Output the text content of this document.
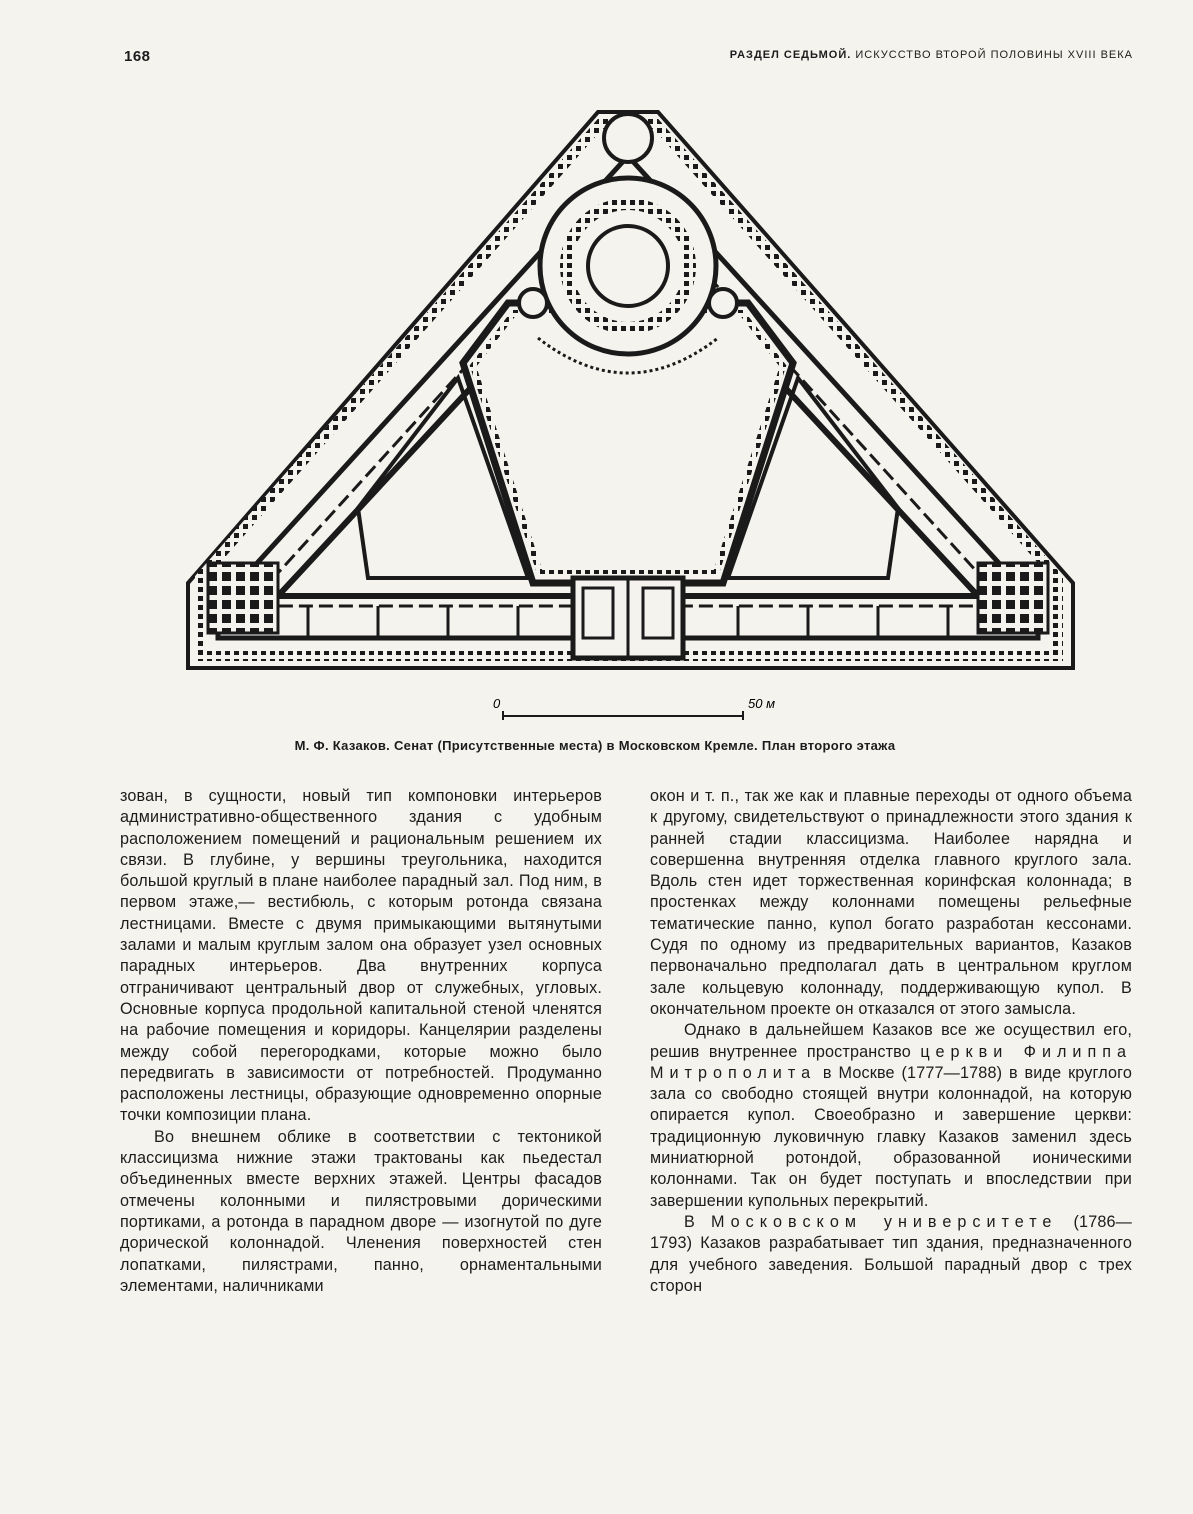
168	РАЗДЕЛ СЕДЬМОЙ. ИСКУССТВО ВТОРОЙ ПОЛОВИНЫ XVIII ВЕКА
0	50 м
М. Ф. Казаков. Сенат (Присутственные места) в Московском Кремле. План второго этажа

зован, в сущности, новый тип компоновки интерьеров административно-общественного здания с удобным расположением помещений и рациональным решением их связи. В глубине, у вершины треугольника, находится большой круглый в плане наиболее парадный зал. Под ним, в первом этаже,— вестибюль, с которым ротонда связана лестницами. Вместе с двумя примыкающими вытянутыми залами и малым круглым залом она образует узел основных парадных интерьеров. Два внутренних корпуса отграничивают центральный двор от служебных, угловых. Основные корпуса продольной капитальной стеной членятся на рабочие помещения и коридоры. Канцелярии разделены между собой перегородками, которые можно было передвигать в зависимости от потребностей. Продуманно расположены лестницы, образующие одновременно опорные точки композиции плана.

Во внешнем облике в соответствии с тектоникой классицизма нижние этажи трактованы как пьедестал объединенных вместе верхних этажей. Центры фасадов отмечены колонными и пилястровыми дорическими портиками, а ротонда в парадном дворе — изогнутой по дуге дорической колоннадой. Членения поверхностей стен лопатками, пилястрами, панно, орнаментальными элементами, наличниками

окон и т. п., так же как и плавные переходы от одного объема к другому, свидетельствуют о принадлежности этого здания к ранней стадии классицизма. Наиболее нарядна и совершенна внутренняя отделка главного круглого зала. Вдоль стен идет торжественная коринфская колоннада; в простенках между колоннами помещены рельефные тематические панно, купол богато разработан кессонами. Судя по одному из предварительных вариантов, Казаков первоначально предполагал дать в центральном круглом зале кольцевую колоннаду, поддерживающую купол. В окончательном проекте он отказался от этого замысла.

Однако в дальнейшем Казаков все же осуществил его, решив внутреннее пространство церкви Филиппа Митрополита в Москве (1777—1788) в виде круглого зала со свободно стоящей внутри колоннадой, на которую опирается купол. Своеобразно и завершение церкви: традиционную луковичную главку Казаков заменил здесь миниатюрной ротондой, образованной ионическими колоннами. Так он будет поступать и впоследствии при завершении купольных перекрытий.

В Московском университете (1786—1793) Казаков разрабатывает тип здания, предназначенного для учебного заведения. Большой парадный двор с трех сторон
